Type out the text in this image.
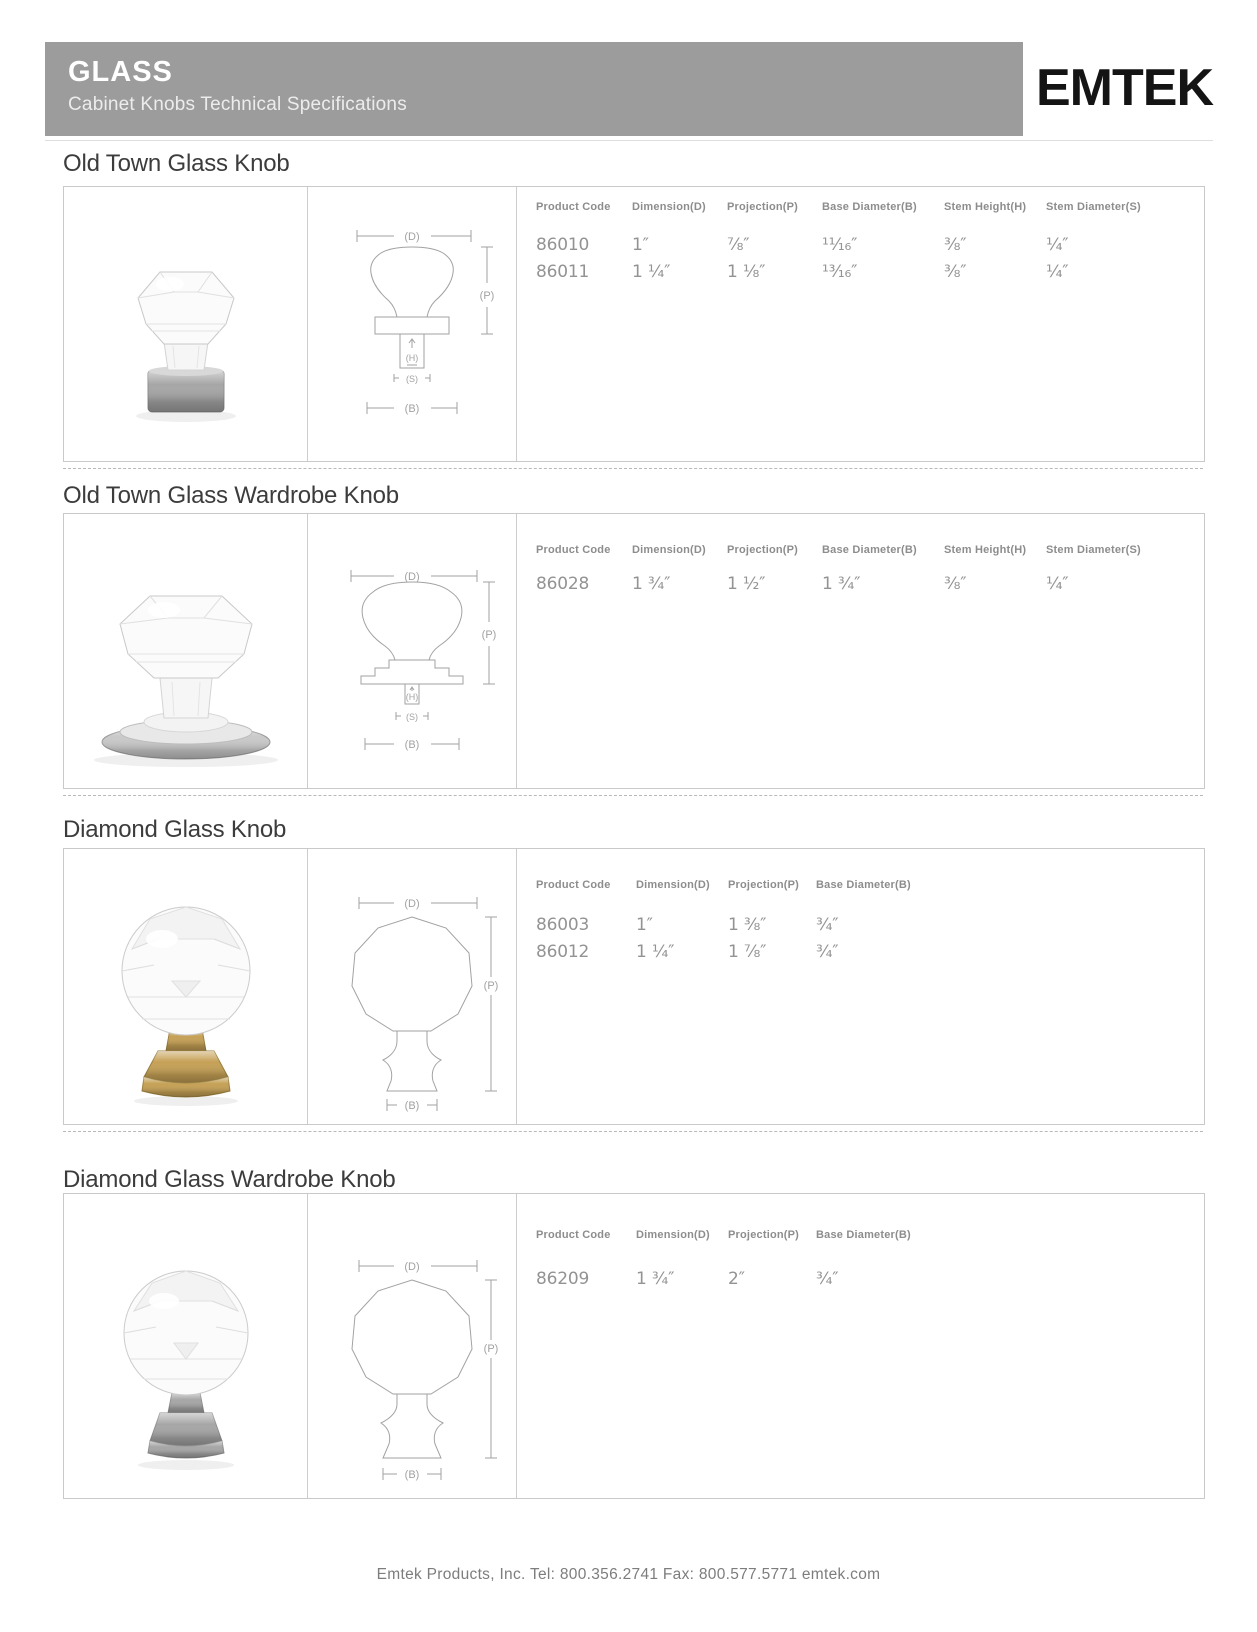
GLASS
Cabinet Knobs Technical Specifications	EMTEK
Old Town Glass Knob
(D)
(H)
(S)
(B)
(P)
Product Code	Dimension(D)	Projection(P)	Base Diameter(B)	Stem Height(H)	Stem Diameter(S)
86010	1″	⅞″	¹¹⁄₁₆″	⅜″	¼″
86011	1 ¼″	1 ⅛″	¹³⁄₁₆″	⅜″	¼″
Old Town Glass Wardrobe Knob
(D)
(H)
(S)
(B)
(P)
Product Code	Dimension(D)	Projection(P)	Base Diameter(B)	Stem Height(H)	Stem Diameter(S)
86028	1 ¾″	1 ½″	1 ¾″	⅜″	¼″
Diamond Glass Knob
(D)
(B)
(P)
Product Code	Dimension(D)	Projection(P)	Base Diameter(B)
86003	1″	1 ⅜″	¾″
86012	1 ¼″	1 ⅞″	¾″
Diamond Glass Wardrobe Knob
(D)
(B)
(P)
Product Code	Dimension(D)	Projection(P)	Base Diameter(B)
86209	1 ¾″	2″	¾″
Emtek Products, Inc. Tel: 800.356.2741 Fax: 800.577.5771 emtek.com
